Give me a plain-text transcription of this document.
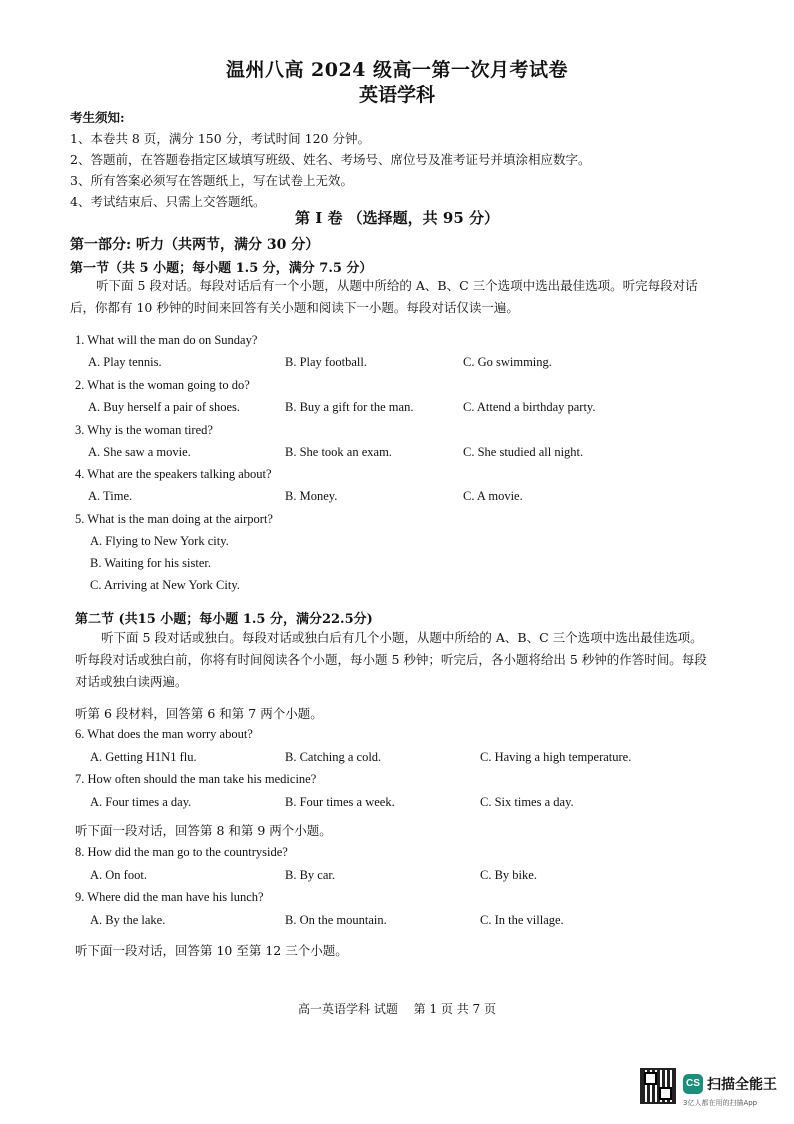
温州八高 2024 级高一第一次月考试卷
英语学科
考生须知:
1、本卷共 8 页，满分 150 分，考试时间 120 分钟。
2、答题前，在答题卷指定区域填写班级、姓名、考场号、席位号及准考证号并填涂相应数字。
3、所有答案必须写在答题纸上，写在试卷上无效。
4、考试结束后、只需上交答题纸。
第 I 卷 （选择题，共 95 分）
第一部分: 听力（共两节，满分 30 分）
第一节（共 5 小题；每小题 1.5 分，满分 7.5 分）
听下面 5 段对话。每段对话后有一个小题，从题中所给的 A、B、C 三个选项中选出最佳选项。听完每段对话后，你都有 10 秒钟的时间来回答有关小题和阅读下一小题。每段对话仅读一遍。
1. What will the man do on Sunday?
A. Play tennis.	B. Play football.	C. Go swimming.
2. What is the woman going to do?
A. Buy herself a pair of shoes.	B. Buy a gift for the man.	C. Attend a birthday party.
3. Why is the woman tired?
A. She saw a movie.	B. She took an exam.	C. She studied all night.
4. What are the speakers talking about?
A. Time.	B. Money.	C. A movie.
5. What is the man doing at the airport?
A. Flying to New York city.
B. Waiting for his sister.
C. Arriving at New York City.
第二节 (共15 小题；每小题 1.5 分，满分22.5分)
听下面 5 段对话或独白。每段对话或独白后有几个小题，从题中所给的 A、B、C 三个选项中选出最佳选项。听每段对话或独白前，你将有时间阅读各个小题，每小题 5 秒钟；听完后，各小题将给出 5 秒钟的作答时间。每段对话或独白读两遍。
听第 6 段材料，回答第 6 和第 7 两个小题。
6. What does the man worry about?
A. Getting H1N1 flu.	B. Catching a cold.	C. Having a high temperature.
7. How often should the man take his medicine?
A. Four times a day.	B. Four times a week.	C. Six times a day.
听下面一段对话，回答第 8 和第 9 两个小题。
8. How did the man go to the countryside?
A. On foot.	B. By car.	C. By bike.
9. Where did the man have his lunch?
A. By the lake.	B. On the mountain.	C. In the village.
听下面一段对话，回答第 10 至第 12 三个小题。
高一英语学科 试题　 第 1 页 共 7 页
CS 扫描全能王
3亿人都在用的扫描App
